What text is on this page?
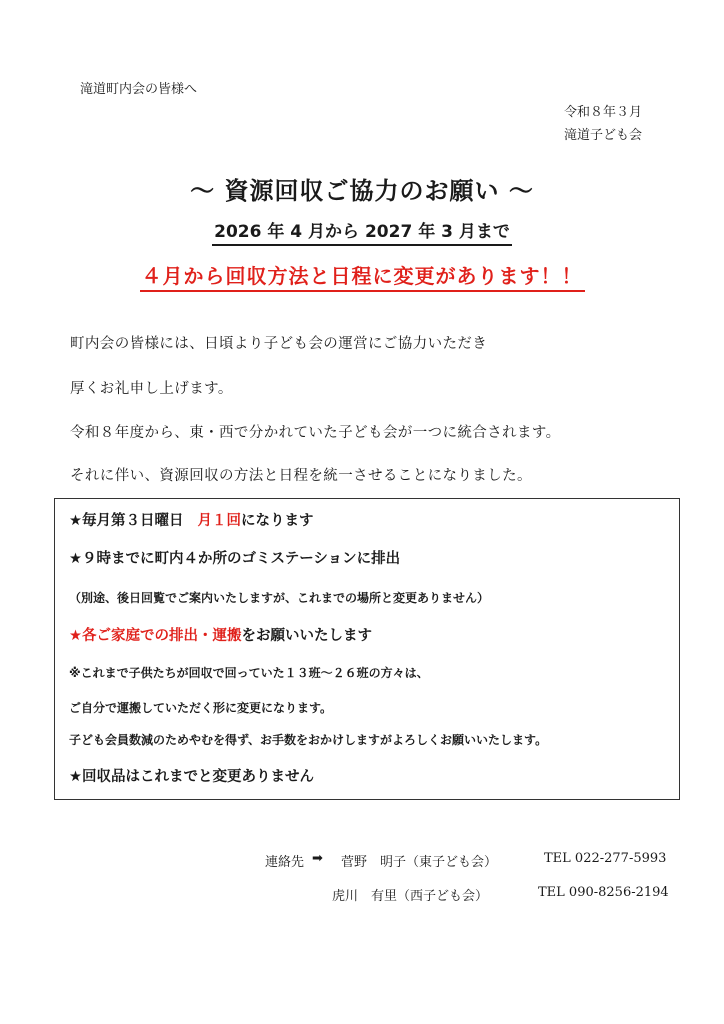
滝道町内会の皆様へ
令和８年３月
滝道子ども会
～ 資源回収ご協力のお願い ～
2026 年 4 月から 2027 年 3 月まで
４月から回収方法と日程に変更があります！！
町内会の皆様には、日頃より子ども会の運営にご協力いただき
厚くお礼申し上げます。
令和８年度から、東・西で分かれていた子ども会が一つに統合されます。
それに伴い、資源回収の方法と日程を統一させることになりました。
★毎月第３日曜日 月１回になります
★９時までに町内４か所のゴミステーションに排出
（別途、後日回覧でご案内いたしますが、これまでの場所と変更ありません）
★各ご家庭での排出・運搬をお願いいたします
※これまで子供たちが回収で回っていた１３班～２６班の方々は、
ご自分で運搬していただく形に変更になります。
子ども会員数減のためやむを得ず、お手数をおかけしますがよろしくお願いいたします。
★回収品はこれまでと変更ありません
連絡先 ➡ 菅野　明子（東子ども会）	TEL 022-277-5993
虎川　有里（西子ども会）	TEL 090-8256-2194
